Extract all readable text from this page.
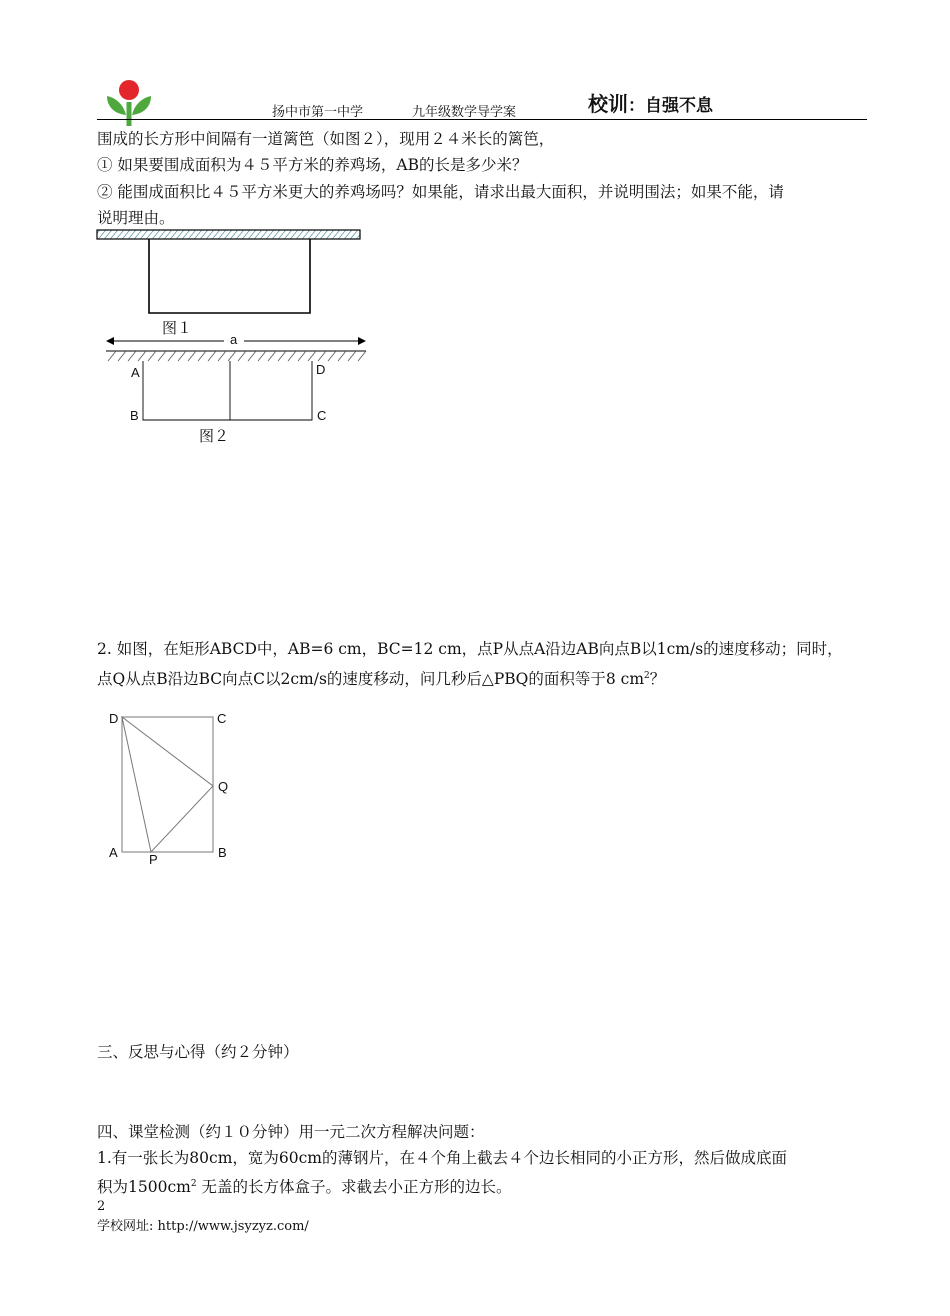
扬中市第一中学	九年级数学导学案	校训：自强不息
围成的长方形中间隔有一道篱笆（如图２），现用２４米长的篱笆，
① 如果要围成面积为４５平方米的养鸡场，AB的长是多少米？
② 能围成面积比４５平方米更大的养鸡场吗？如果能，请求出最大面积，并说明围法；如果不能，请
说明理由。
图１
a
A	D
B	C
图２
2. 如图，在矩形ABCD中，AB=6 cm，BC=12 cm，点P从点A沿边AB向点B以1cm/s的速度移动；同时，
点Q从点B沿边BC向点C以2cm/s的速度移动，问几秒后△PBQ的面积等于8 $cm^2$？
D	C
Q
A P	B
三、反思与心得（约２分钟）
四、课堂检测（约１０分钟）用一元二次方程解决问题：
1.有一张长为80cm，宽为60cm的薄钢片，在４个角上截去４个边长相同的小正方形，然后做成底面
积为$1500cm^2$ 无盖的长方体盒子。求截去小正方形的边长。
2
学校网址: http://www.jsyzyz.com/
